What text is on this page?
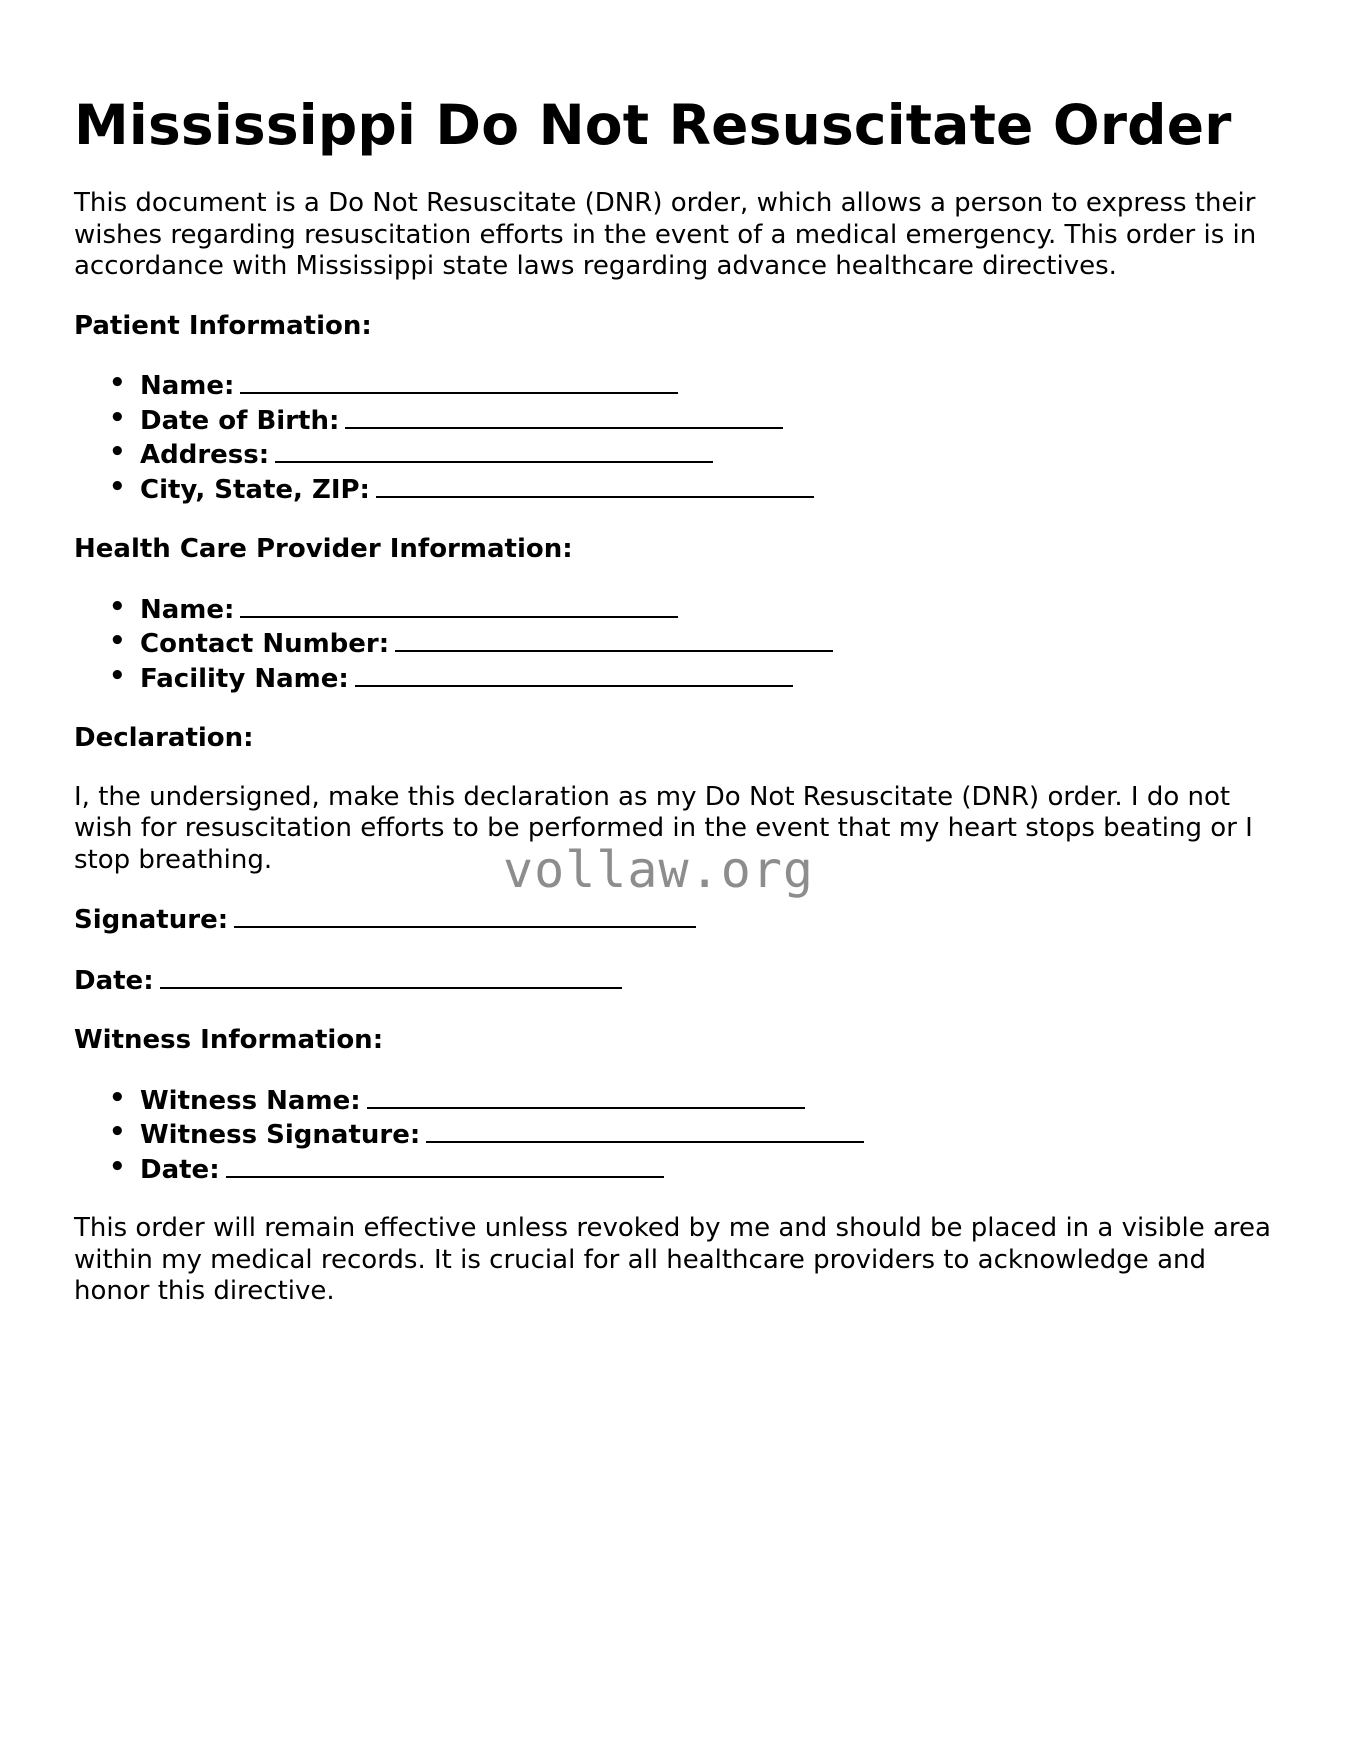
Mississippi Do Not Resuscitate Order

This document is a Do Not Resuscitate (DNR) order, which allows a person to express their wishes regarding resuscitation efforts in the event of a medical emergency. This order is in accordance with Mississippi state laws regarding advance healthcare directives.

Patient Information:
• Name:
• Date of Birth:
• Address:
• City, State, ZIP:
Health Care Provider Information:
• Name:
• Contact Number:
• Facility Name:
Declaration:

I, the undersigned, make this declaration as my Do Not Resuscitate (DNR) order. I do not wish for resuscitation efforts to be performed in the event that my heart stops beating or I stop breathing.

Signature:
Date:
Witness Information:
• Witness Name:
• Witness Signature:
• Date:

This order will remain effective unless revoked by me and should be placed in a visible area within my medical records. It is crucial for all healthcare providers to acknowledge and honor this directive.

vollaw.org
